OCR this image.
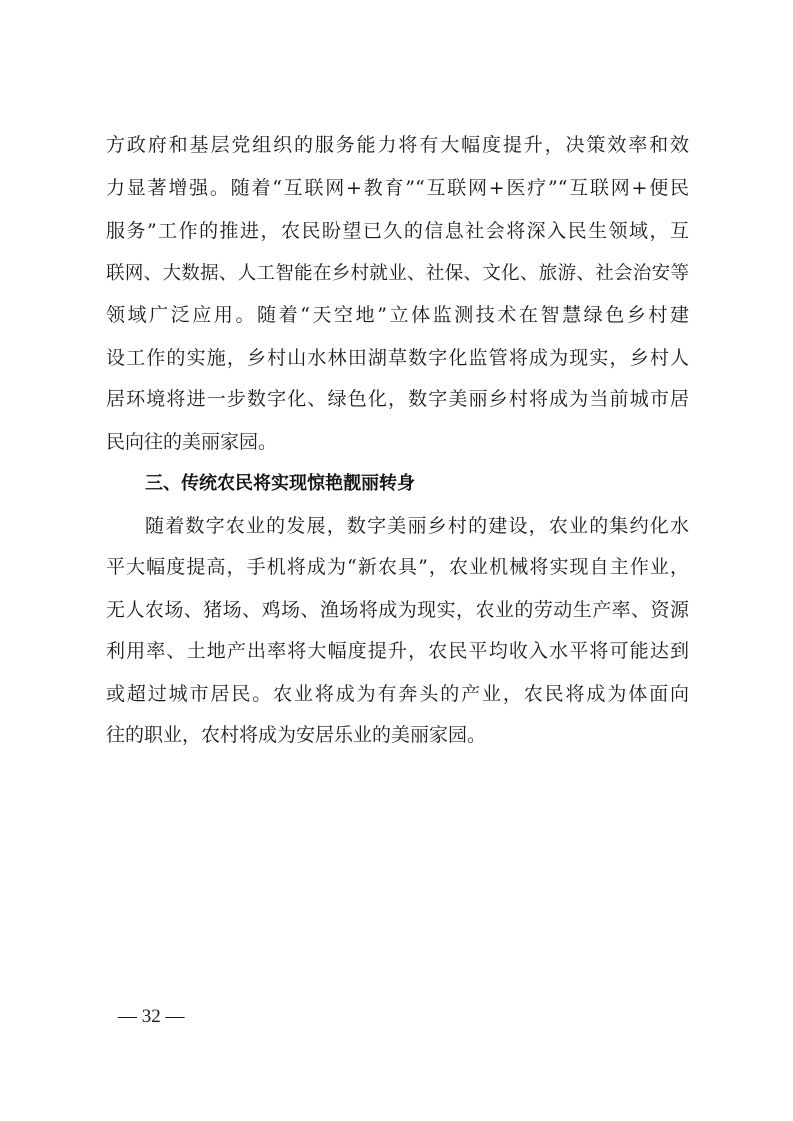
方政府和基层党组织的服务能力将有大幅度提升，决策效率和效
力显著增强。随着“互联网+教育”“互联网+医疗”“互联网+便民
服务”工作的推进，农民盼望已久的信息社会将深入民生领域，互
联网、大数据、人工智能在乡村就业、社保、文化、旅游、社会治安等
领域广泛应用。随着“天空地”立体监测技术在智慧绿色乡村建
设工作的实施，乡村山水林田湖草数字化监管将成为现实，乡村人
居环境将进一步数字化、绿色化，数字美丽乡村将成为当前城市居
民向往的美丽家园。
三、传统农民将实现惊艳靓丽转身
随着数字农业的发展，数字美丽乡村的建设，农业的集约化水
平大幅度提高，手机将成为“新农具”，农业机械将实现自主作业，
无人农场、猪场、鸡场、渔场将成为现实，农业的劳动生产率、资源
利用率、土地产出率将大幅度提升，农民平均收入水平将可能达到
或超过城市居民。农业将成为有奔头的产业，农民将成为体面向
往的职业，农村将成为安居乐业的美丽家园。
— 32 —
